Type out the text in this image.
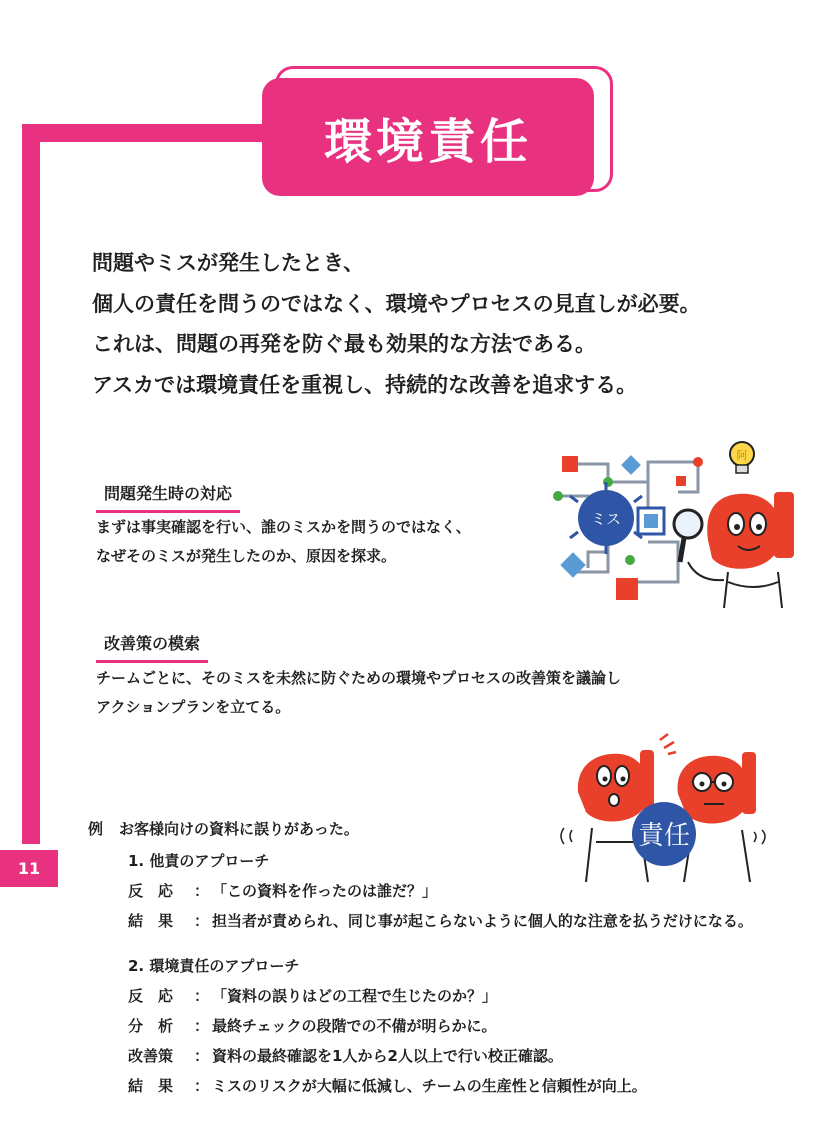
11
環境責任

問題やミスが発生したとき、

個人の責任を問うのではなく、環境やプロセスの見直しが必要。

これは、問題の再発を防ぐ最も効果的な方法である。

アスカでは環境責任を重視し、持続的な改善を追求する。

問題発生時の対応

まずは事実確認を行い、誰のミスかを問うのではなく、

なぜそのミスが発生したのか、原因を探求。

改善策の模索

チームごとに、そのミスを未然に防ぐための環境やプロセスの改善策を議論し

アクションプランを立てる。

ミス
阿
責任
例 お客様向けの資料に誤りがあった。
1. 他責のアプローチ
反　応	： 「この資料を作ったのは誰だ？」
結　果	： 担当者が責められ、同じ事が起こらないように個人的な注意を払うだけになる。
2. 環境責任のアプローチ
反　応	： 「資料の誤りはどの工程で生じたのか？」
分　析	： 最終チェックの段階での不備が明らかに。
改善策	： 資料の最終確認を1人から2人以上で行い校正確認。
結　果	： ミスのリスクが大幅に低減し、チームの生産性と信頼性が向上。
